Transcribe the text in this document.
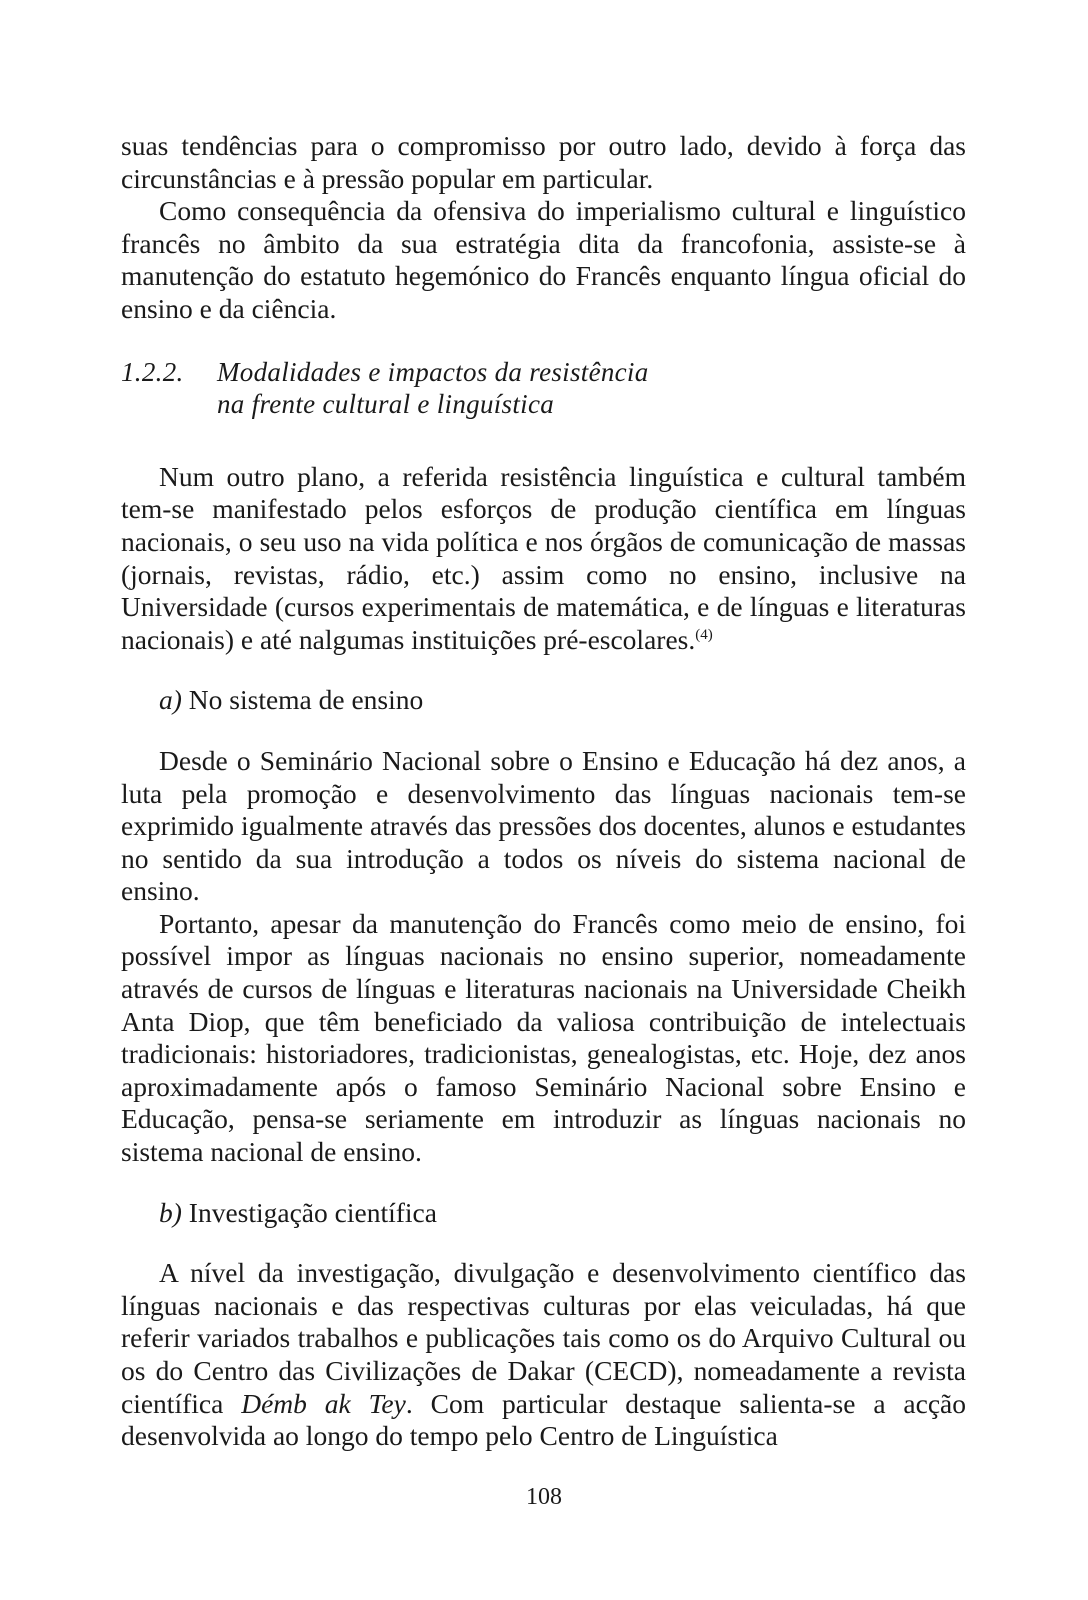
suas tendências para o compromisso por outro lado, devido à força das circunstâncias e à pressão popular em particular.

Como consequência da ofensiva do imperialismo cultural e linguístico francês no âmbito da sua estratégia dita da francofonia, assiste-se à manutenção do estatuto hegemónico do Francês enquanto língua oficial do ensino e da ciência.

1.2.2. Modalidades e impactos da resistência
na frente cultural e linguística

Num outro plano, a referida resistência linguística e cultural também tem-se manifestado pelos esforços de produção científica em línguas nacionais, o seu uso na vida política e nos órgãos de comunicação de massas (jornais, revistas, rádio, etc.) assim como no ensino, inclusive na Universidade (cursos experimentais de matemática, e de línguas e literaturas nacionais) e até nalgumas instituições pré-escolares.$^{(4)}$

a) No sistema de ensino

Desde o Seminário Nacional sobre o Ensino e Educação há dez anos, a luta pela promoção e desenvolvimento das línguas nacionais tem-se exprimido igualmente através das pressões dos docentes, alunos e estudantes no sentido da sua introdução a todos os níveis do sistema nacional de ensino.

Portanto, apesar da manutenção do Francês como meio de ensino, foi possível impor as línguas nacionais no ensino superior, nomeadamente através de cursos de línguas e literaturas nacionais na Universidade Cheikh Anta Diop, que têm beneficiado da valiosa contribuição de intelectuais tradicionais: historiadores, tradicionistas, genealogistas, etc. Hoje, dez anos aproximadamente após o famoso Seminário Nacional sobre Ensino e Educação, pensa-se seriamente em introduzir as línguas nacionais no sistema nacional de ensino.

b) Investigação científica

A nível da investigação, divulgação e desenvolvimento científico das línguas nacionais e das respectivas culturas por elas veiculadas, há que referir variados trabalhos e publicações tais como os do Arquivo Cultural ou os do Centro das Civilizações de Dakar (CECD), nomeadamente a revista científica Démb ak Tey. Com particular destaque salienta-se a acção desenvolvida ao longo do tempo pelo Centro de Linguística

108
